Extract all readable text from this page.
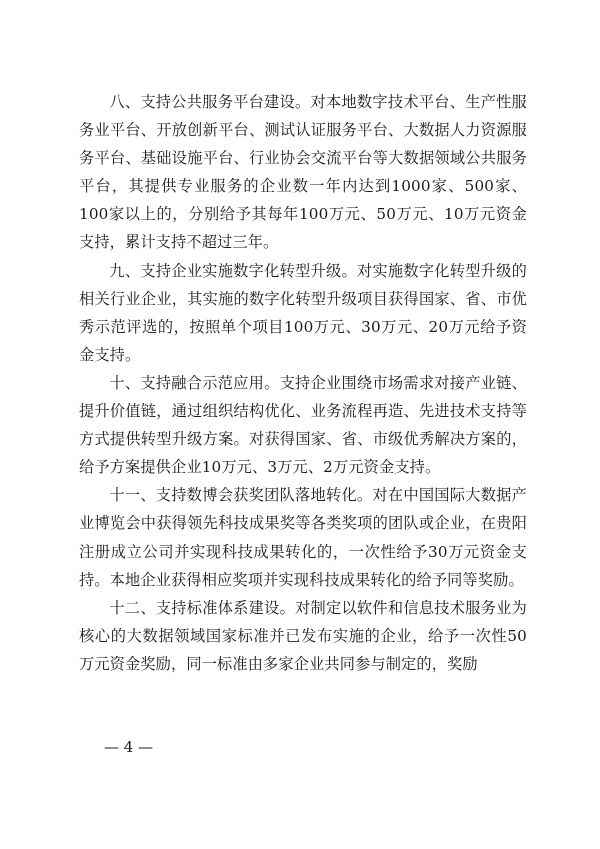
八、支持公共服务平台建设。对本地数字技术平台、生产性服务业平台、开放创新平台、测试认证服务平台、大数据人力资源服务平台、基础设施平台、行业协会交流平台等大数据领域公共服务平台，其提供专业服务的企业数一年内达到1000家、500家、100家以上的，分别给予其每年100万元、50万元、10万元资金支持，累计支持不超过三年。

九、支持企业实施数字化转型升级。对实施数字化转型升级的相关行业企业，其实施的数字化转型升级项目获得国家、省、市优秀示范评选的，按照单个项目100万元、30万元、20万元给予资金支持。

十、支持融合示范应用。支持企业围绕市场需求对接产业链、提升价值链，通过组织结构优化、业务流程再造、先进技术支持等方式提供转型升级方案。对获得国家、省、市级优秀解决方案的，给予方案提供企业10万元、3万元、2万元资金支持。

十一、支持数博会获奖团队落地转化。对在中国国际大数据产业博览会中获得领先科技成果奖等各类奖项的团队或企业，在贵阳注册成立公司并实现科技成果转化的，一次性给予30万元资金支持。本地企业获得相应奖项并实现科技成果转化的给予同等奖励。

十二、支持标准体系建设。对制定以软件和信息技术服务业为核心的大数据领域国家标准并已发布实施的企业，给予一次性50万元资金奖励，同一标准由多家企业共同参与制定的，奖励

— 4 —
